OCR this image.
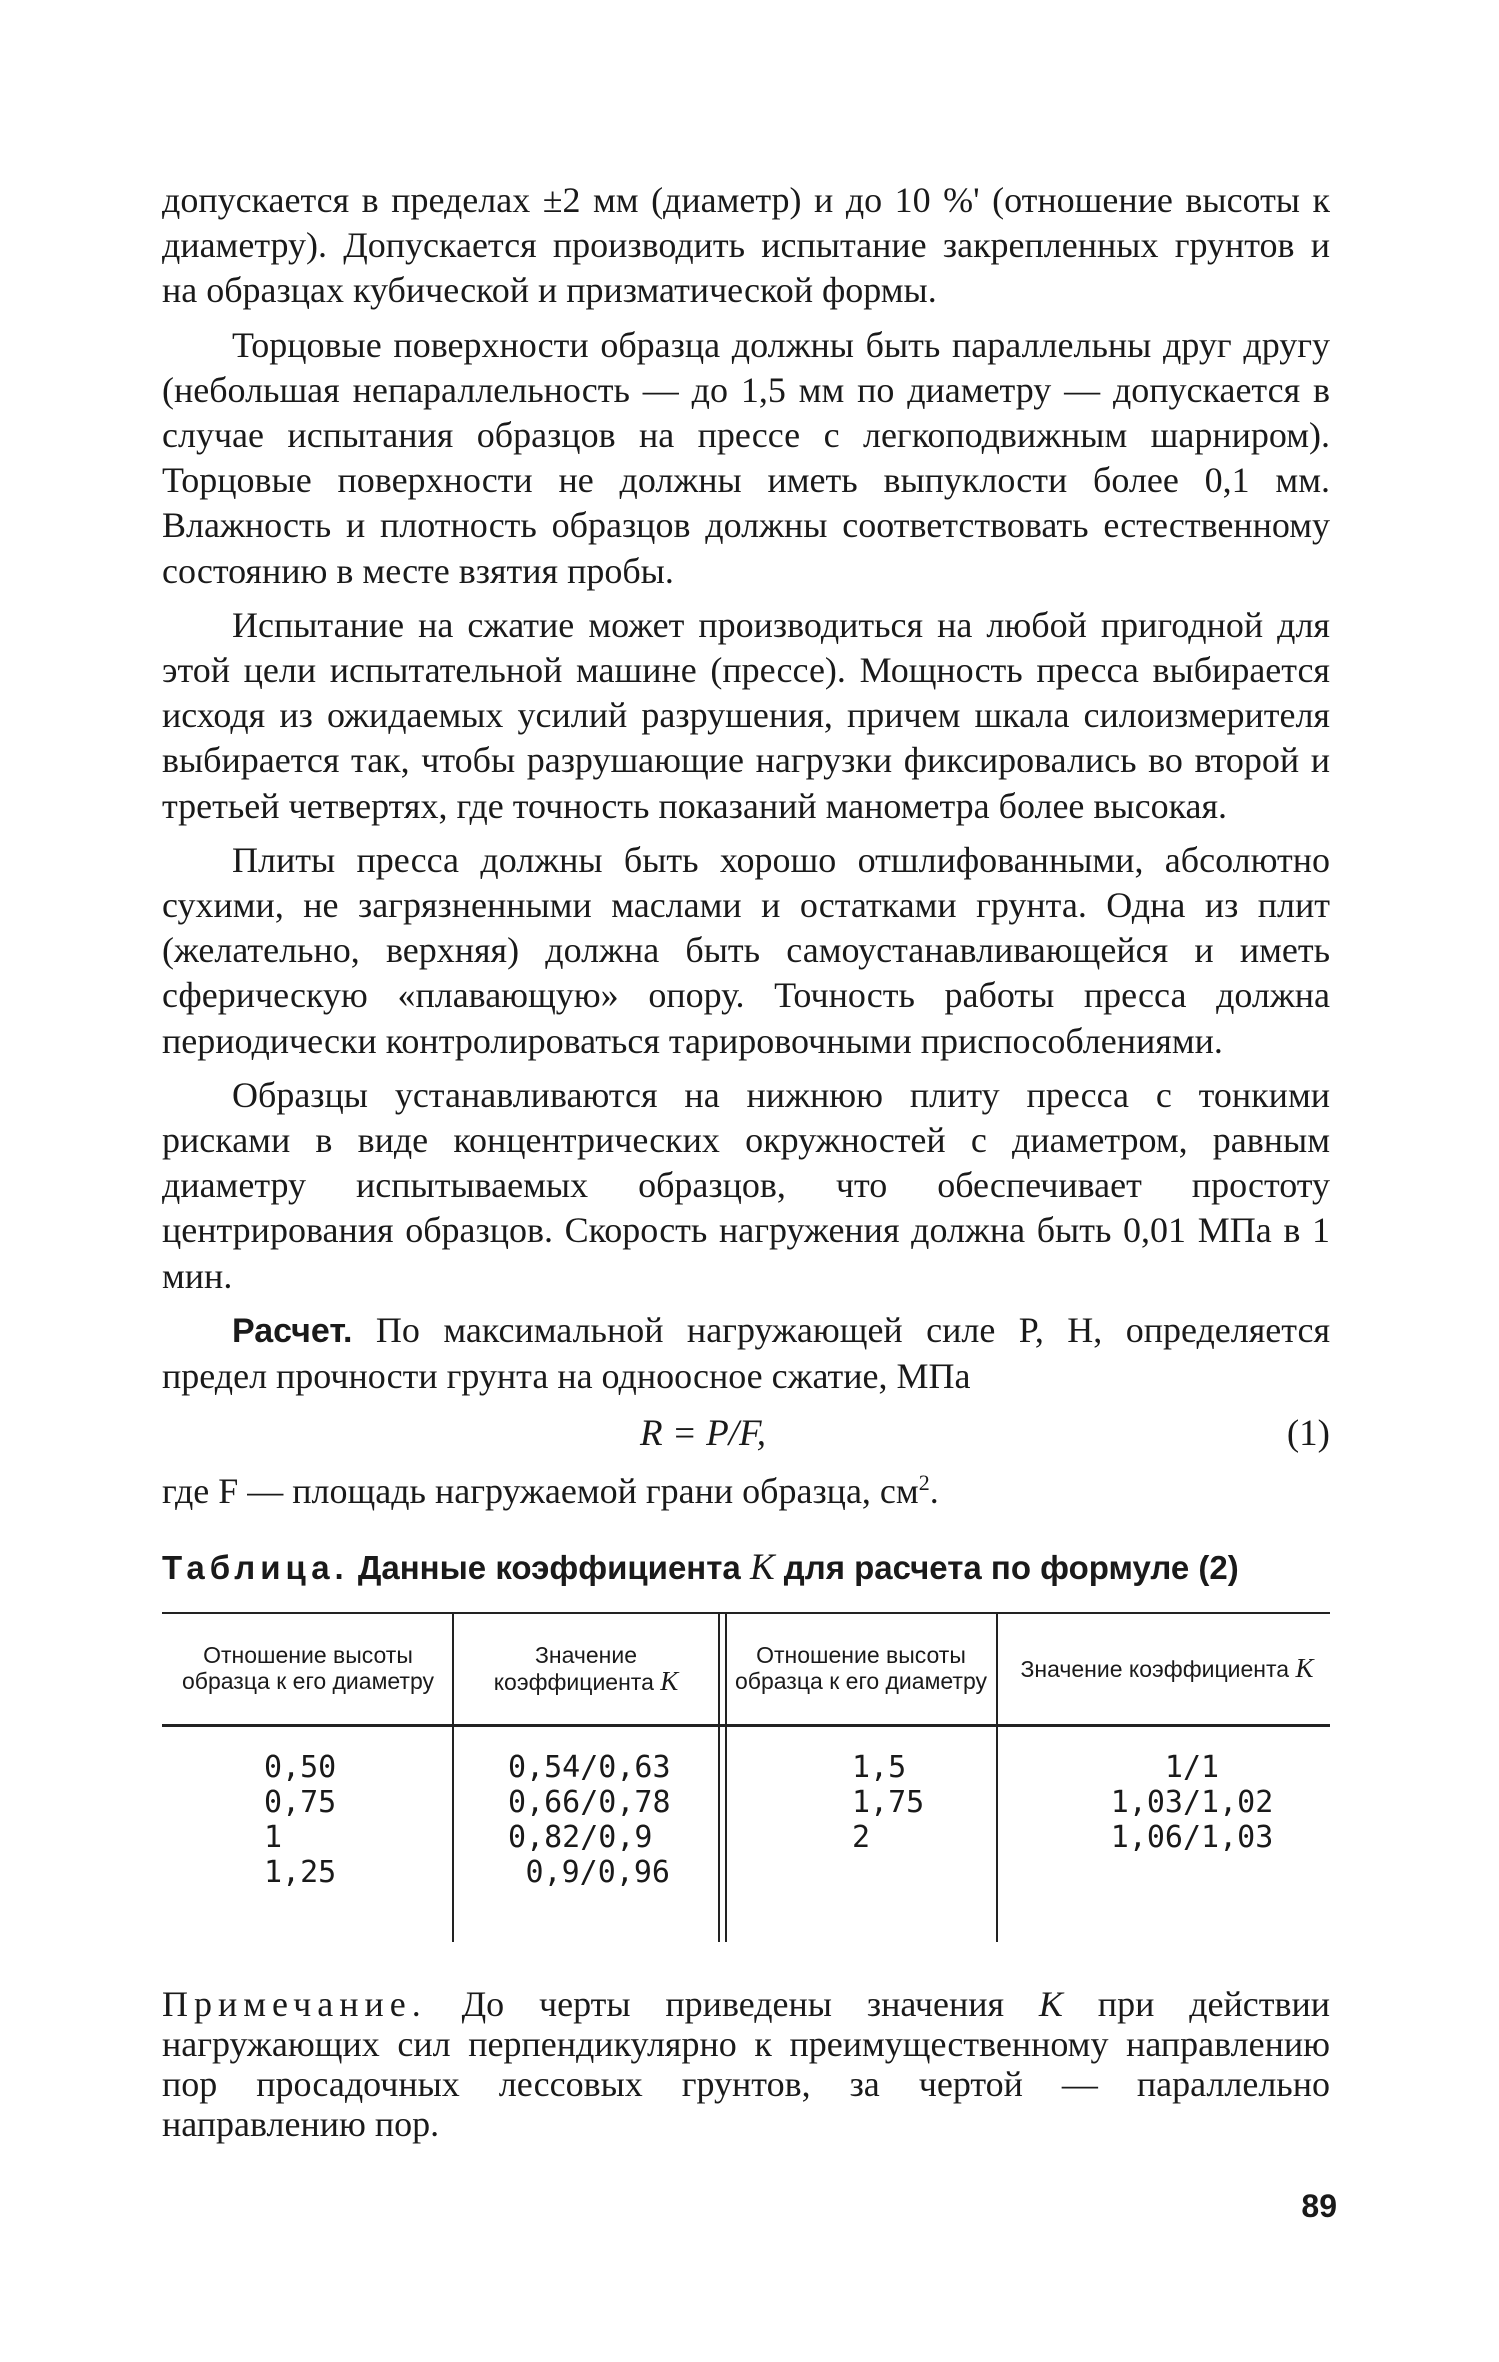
допускается в пределах ±2 мм (диаметр) и до 10 %' (отношение высоты к диаметру). Допускается производить испытание закрепленных грунтов и на образцах кубической и призматической формы.

Торцовые поверхности образца должны быть параллельны друг другу (небольшая непараллельность — до 1,5 мм по диаметру — допускается в случае испытания образцов на прессе с легкоподвижным шарниром). Торцовые поверхности не должны иметь выпуклости более 0,1 мм. Влажность и плотность образцов должны соответствовать естественному состоянию в месте взятия пробы.

Испытание на сжатие может производиться на любой пригодной для этой цели испытательной машине (прессе). Мощность пресса выбирается исходя из ожидаемых усилий разрушения, причем шкала силоизмерителя выбирается так, чтобы разрушающие нагрузки фиксировались во второй и третьей четвертях, где точность показаний манометра более высокая.

Плиты пресса должны быть хорошо отшлифованными, абсолютно сухими, не загрязненными маслами и остатками грунта. Одна из плит (желательно, верхняя) должна быть самоустанавливающейся и иметь сферическую «плавающую» опору. Точность работы пресса должна периодически контролироваться тарировочными приспособлениями.

Образцы устанавливаются на нижнюю плиту пресса с тонкими рисками в виде концентрических окружностей с диаметром, равным диаметру испытываемых образцов, что обеспечивает простоту центрирования образцов. Скорость нагружения должна быть 0,01 МПа в 1 мин.

Расчет. По максимальной нагружающей силе P, Н, определяется предел прочности грунта на одноосное сжатие, МПа

R = P/F,	(1)

где F — площадь нагружаемой грани образца, $см^2$.

Таблица. Данные коэффициента K для расчета по формуле (2)
Отношение высоты образца к его диаметру
Значение коэффициента K
Отношение высоты образца к его диаметру Значение коэффициента K
0,50
0,75
1
1,25
0,54/0,63
0,66/0,78
0,82/0,9
0,9/0,96
1,5
1,75
2
1/1
1,03/1,02
1,06/1,03

Примечание. До черты приведены значения K при действии нагружающих сил перпендикулярно к преимущественному направлению пор просадочных лессовых грунтов, за чертой — параллельно направлению пор.

89
